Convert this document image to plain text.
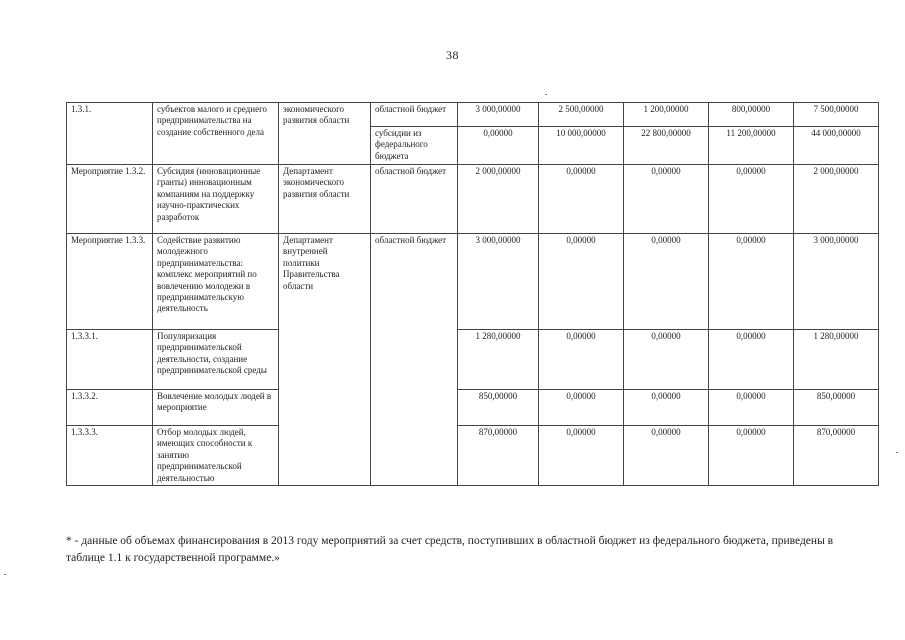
38
1.3.1.	субъектов малого и среднего предпринимательства на создание собственного дела	экономического развития области	областной бюджет	3 000,00000	2 500,00000	1 200,00000	800,00000	7 500,00000
			субсидии из федерального бюджета	0,00000	10 000,00000	22 800,00000	11 200,00000	44 000,00000
Мероприятие 1.3.2.	Субсидия (инновационные гранты) инновационным компаниям на поддержку научно-практических разработок	Департамент экономического развития области	областной бюджет	2 000,00000	0,00000	0,00000	0,00000	2 000,00000
Мероприятие 1.3.3.	Содействие развитию молодежного предпринимательства: комплекс мероприятий по вовлечению молодежи в предпринимательскую деятельность	Департамент внутренней политики Правительства области	областной бюджет	3 000,00000	0,00000	0,00000	0,00000	3 000,00000
1.3.3.1.	Популяризация предпринимательской деятельности, создание предпринимательской среды			1 280,00000	0,00000	0,00000	0,00000	1 280,00000
1.3.3.2.	Вовлечение молодых людей в мероприятие			850,00000	0,00000	0,00000	0,00000	850,00000
1.3.3.3.	Отбор молодых людей, имеющих способности к занятию предпринимательской деятельностью			870,00000	0,00000	0,00000	0,00000	870,00000
* - данные об объемах финансирования в 2013 году мероприятий за счет средств, поступивших в областной бюджет из федерального бюджета, приведены в таблице 1.1 к государственной программе.»
